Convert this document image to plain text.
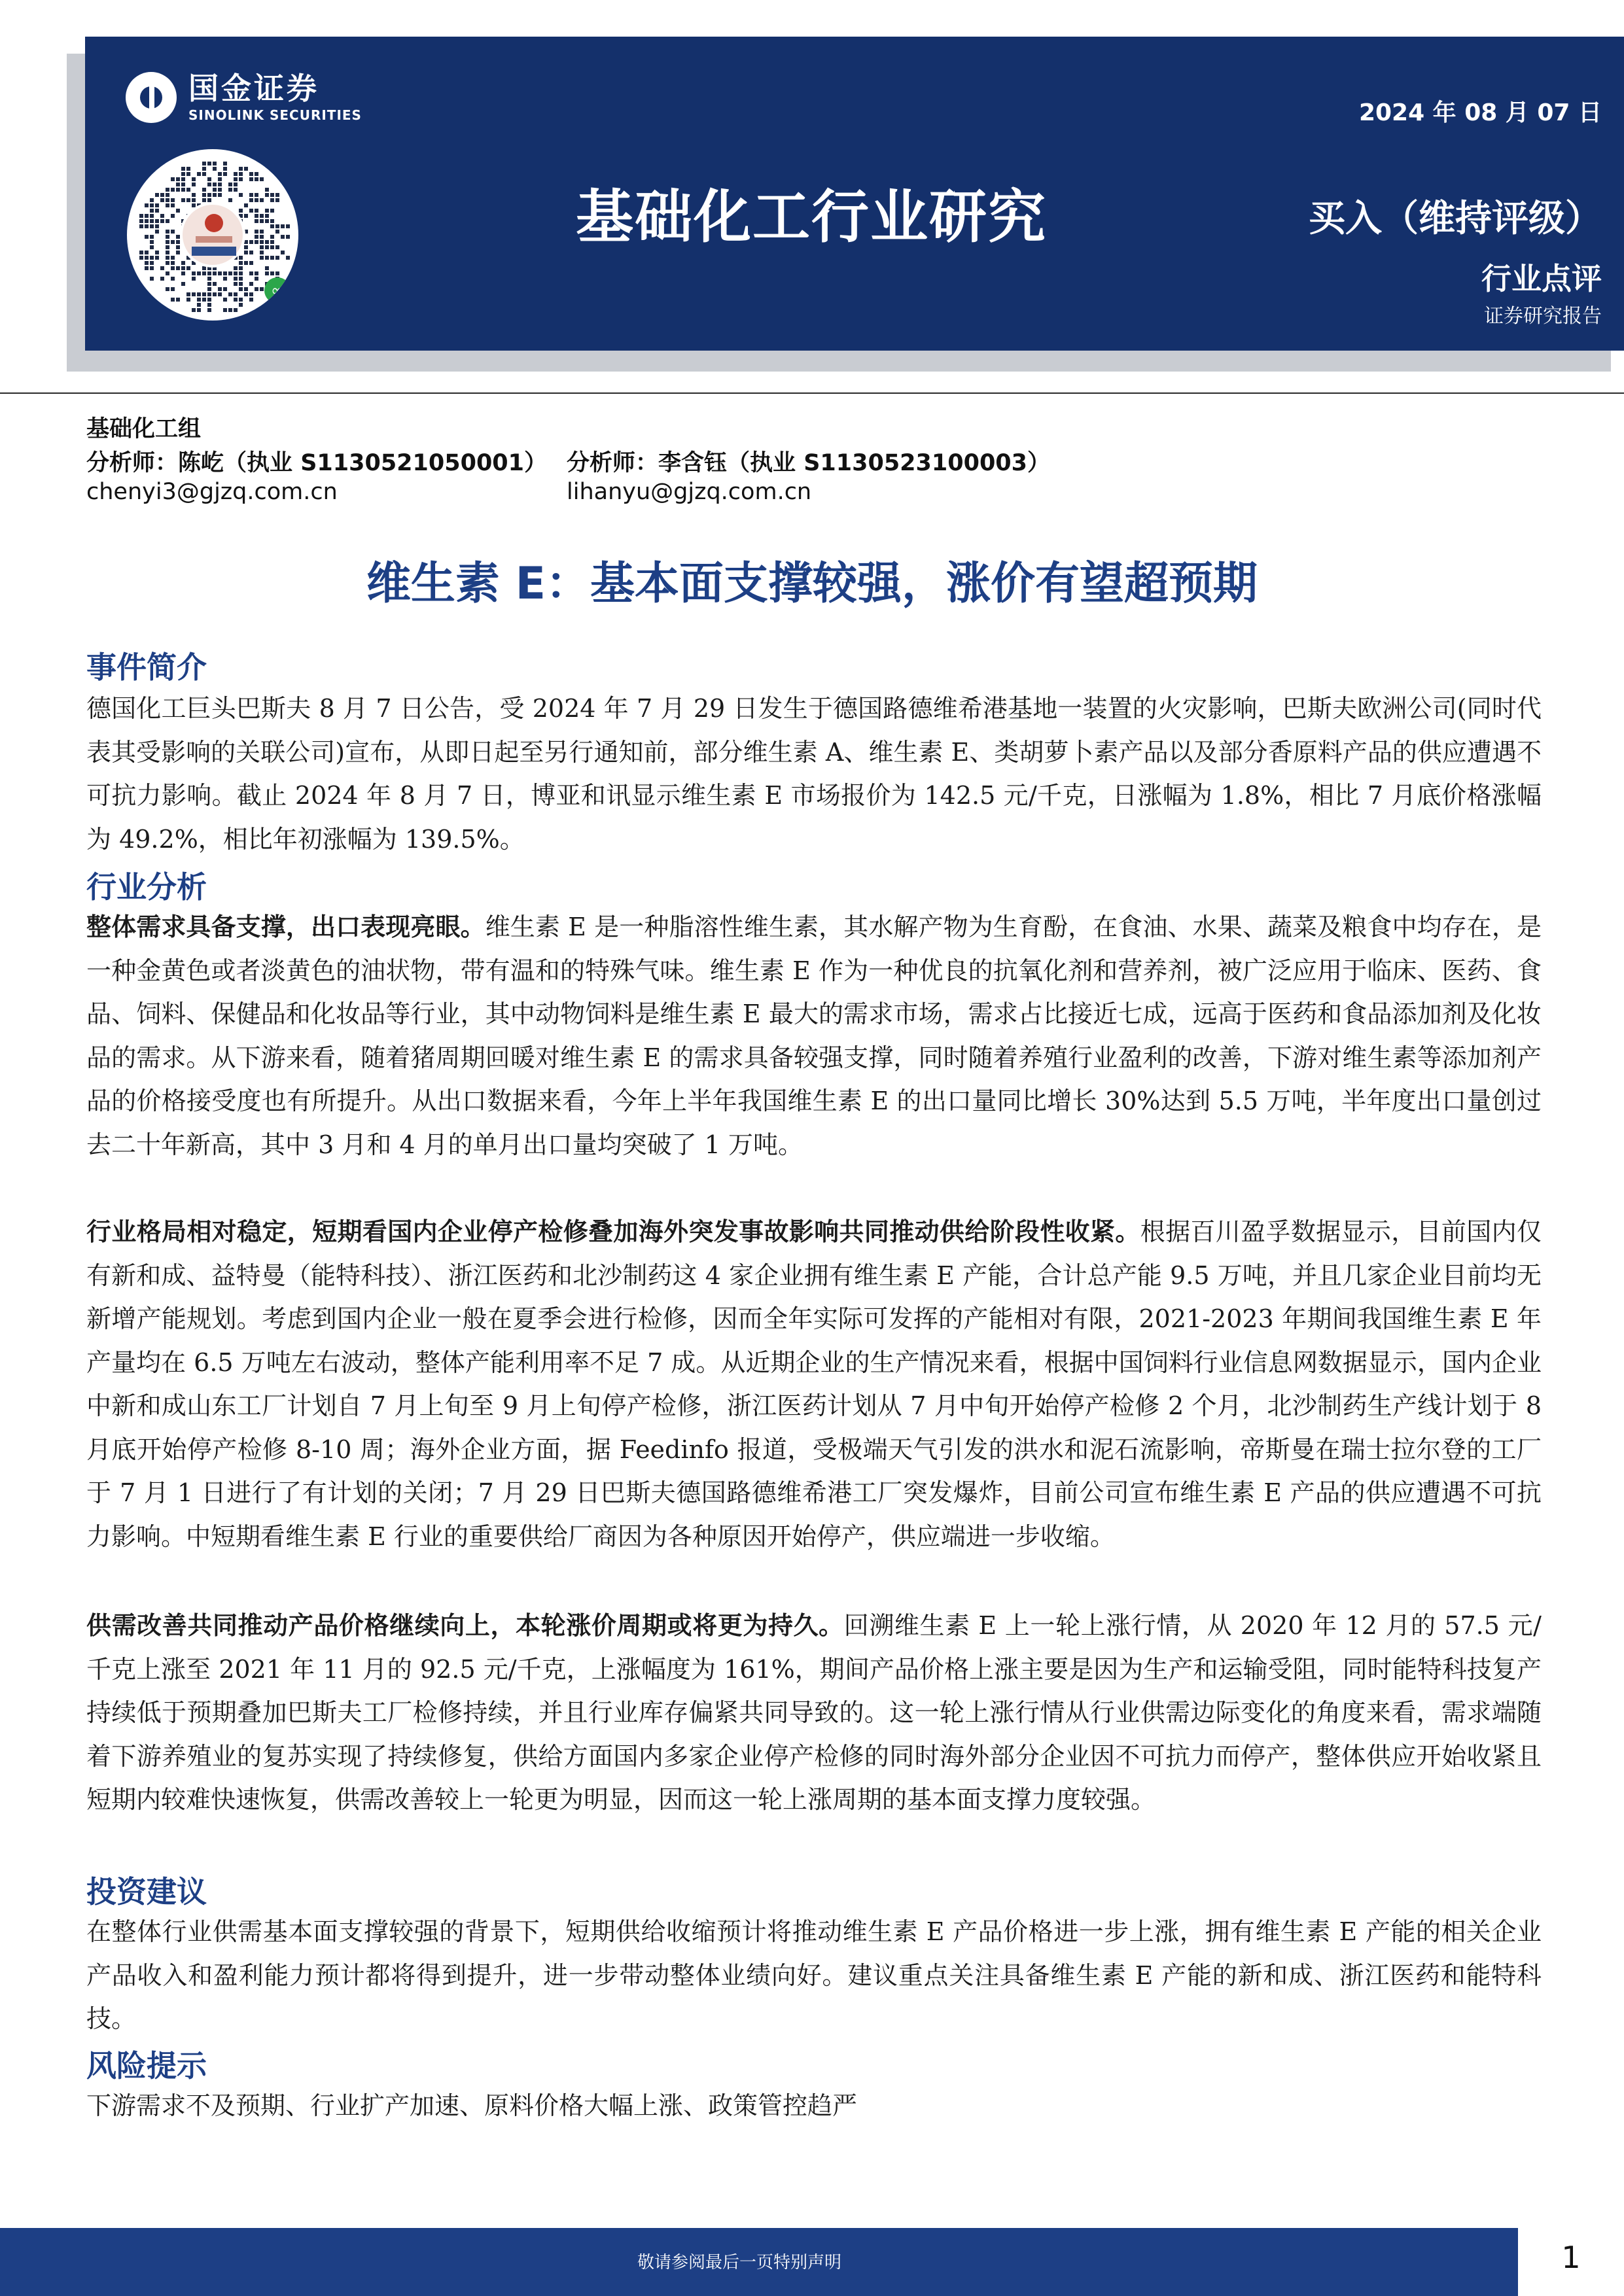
国金证券
SINOLINK SECURITIES
∞
2024 年 08 月 07 日
基础化工行业研究	买入（维持评级）
行业点评
证券研究报告
基础化工组
分析师：陈屹（执业 S1130521050001）
chenyi3@gjzq.com.cn
分析师：李含钰（执业 S1130523100003）
lihanyu@gjzq.com.cn
维生素 E：基本面支撑较强，涨价有望超预期
事件简介
德国化工巨头巴斯夫 8 月 7 日公告，受 2024 年 7 月 29 日发生于德国路德维希港基地一装置的火灾影响，巴斯夫欧洲公司(同时代表其受影响的关联公司)宣布，从即日起至另行通知前，部分维生素 A、维生素 E、类胡萝卜素产品以及部分香原料产品的供应遭遇不可抗力影响。截止 2024 年 8 月 7 日，博亚和讯显示维生素 E 市场报价为 142.5 元/千克，日涨幅为 1.8%，相比 7 月底价格涨幅为 49.2%，相比年初涨幅为 139.5%。
行业分析
整体需求具备支撑，出口表现亮眼。维生素 E 是一种脂溶性维生素，其水解产物为生育酚，在食油、水果、蔬菜及粮食中均存在，是一种金黄色或者淡黄色的油状物，带有温和的特殊气味。维生素 E 作为一种优良的抗氧化剂和营养剂，被广泛应用于临床、医药、食品、饲料、保健品和化妆品等行业，其中动物饲料是维生素 E 最大的需求市场，需求占比接近七成，远高于医药和食品添加剂及化妆品的需求。从下游来看，随着猪周期回暖对维生素 E 的需求具备较强支撑，同时随着养殖行业盈利的改善，下游对维生素等添加剂产品的价格接受度也有所提升。从出口数据来看，今年上半年我国维生素 E 的出口量同比增长 30%达到 5.5 万吨，半年度出口量创过去二十年新高，其中 3 月和 4 月的单月出口量均突破了 1 万吨。
行业格局相对稳定，短期看国内企业停产检修叠加海外突发事故影响共同推动供给阶段性收紧。根据百川盈孚数据显示，目前国内仅有新和成、益特曼（能特科技）、浙江医药和北沙制药这 4 家企业拥有维生素 E 产能，合计总产能 9.5 万吨，并且几家企业目前均无新增产能规划。考虑到国内企业一般在夏季会进行检修，因而全年实际可发挥的产能相对有限，2021-2023 年期间我国维生素 E 年产量均在 6.5 万吨左右波动，整体产能利用率不足 7 成。从近期企业的生产情况来看，根据中国饲料行业信息网数据显示，国内企业中新和成山东工厂计划自 7 月上旬至 9 月上旬停产检修，浙江医药计划从 7 月中旬开始停产检修 2 个月，北沙制药生产线计划于 8 月底开始停产检修 8-10 周；海外企业方面，据 Feedinfo 报道，受极端天气引发的洪水和泥石流影响，帝斯曼在瑞士拉尔登的工厂于 7 月 1 日进行了有计划的关闭；7 月 29 日巴斯夫德国路德维希港工厂突发爆炸，目前公司宣布维生素 E 产品的供应遭遇不可抗力影响。中短期看维生素 E 行业的重要供给厂商因为各种原因开始停产，供应端进一步收缩。
供需改善共同推动产品价格继续向上，本轮涨价周期或将更为持久。回溯维生素 E 上一轮上涨行情，从 2020 年 12 月的 57.5 元/千克上涨至 2021 年 11 月的 92.5 元/千克，上涨幅度为 161%，期间产品价格上涨主要是因为生产和运输受阻，同时能特科技复产持续低于预期叠加巴斯夫工厂检修持续，并且行业库存偏紧共同导致的。这一轮上涨行情从行业供需边际变化的角度来看，需求端随着下游养殖业的复苏实现了持续修复，供给方面国内多家企业停产检修的同时海外部分企业因不可抗力而停产，整体供应开始收紧且短期内较难快速恢复，供需改善较上一轮更为明显，因而这一轮上涨周期的基本面支撑力度较强。
投资建议
在整体行业供需基本面支撑较强的背景下，短期供给收缩预计将推动维生素 E 产品价格进一步上涨，拥有维生素 E 产能的相关企业产品收入和盈利能力预计都将得到提升，进一步带动整体业绩向好。建议重点关注具备维生素 E 产能的新和成、浙江医药和能特科技。
风险提示
下游需求不及预期、行业扩产加速、原料价格大幅上涨、政策管控趋严
敬请参阅最后一页特别声明	1
